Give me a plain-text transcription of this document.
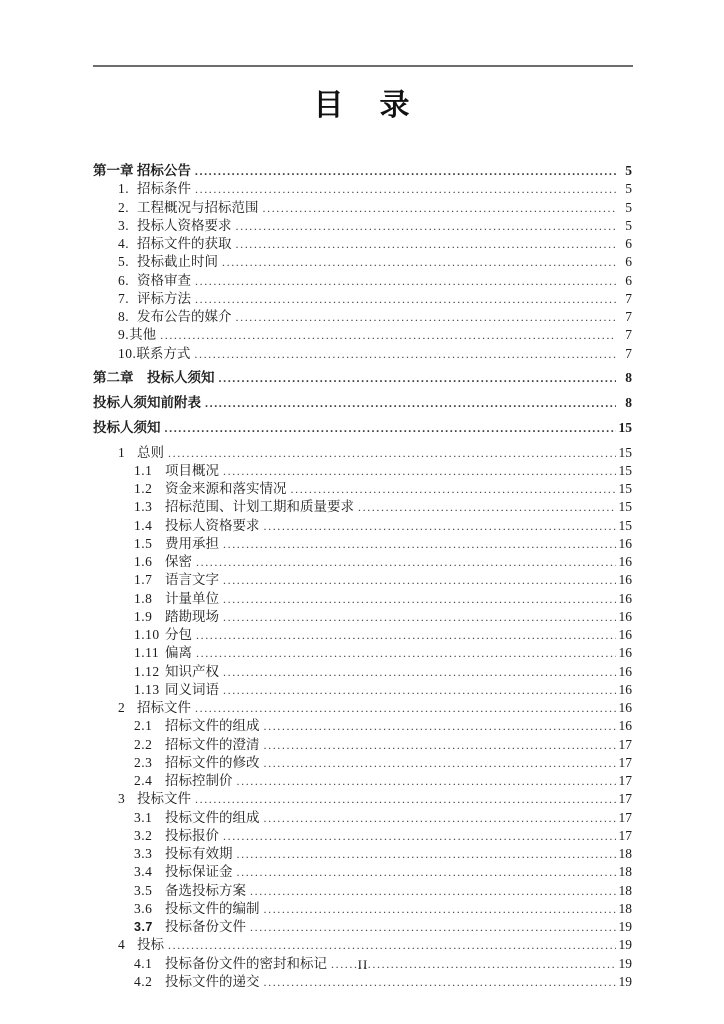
目　录
第一章 招标公告 .....	5
1. 招标条件 .....	5
2. 工程概况与招标范围 .....	5
3. 投标人资格要求 .....	5
4. 招标文件的获取 .....	6
5. 投标截止时间 .....	6
6. 资格审查 .....	6
7. 评标方法 .....	7
8. 发布公告的媒介 .....	7
9. 其他 .....	7
10. 联系方式 .....	7
第二章　投标人须知 .....	8
投标人须知前附表 .....	8
投标人须知 .....	15
1 总则 .....	15
1.1 项目概况 .....	15
1.2 资金来源和落实情况 .....	15
1.3 招标范围、计划工期和质量要求 .....	15
1.4 投标人资格要求 .....	15
1.5 费用承担 .....	16
1.6 保密 .....	16
1.7 语言文字 .....	16
1.8 计量单位 .....	16
1.9 踏勘现场 .....	16
1.10 分包 .....	16
1.11 偏离 .....	16
1.12 知识产权 .....	16
1.13 同义词语 .....	16
2 招标文件 .....	16
2.1 招标文件的组成 .....	16
2.2 招标文件的澄清 .....	17
2.3 招标文件的修改 .....	17
2.4 招标控制价 .....	17
3 投标文件 .....	17
3.1 投标文件的组成 .....	17
3.2 投标报价 .....	17
3.3 投标有效期 .....	18
3.4 投标保证金 .....	18
3.5 备选投标方案 .....	18
3.6 投标文件的编制 .....	18
3.7 投标备份文件 .....	19
4 投标 .....	19
4.1 投标备份文件的密封和标记 .....	19
4.2 投标文件的递交 .....	19
II
